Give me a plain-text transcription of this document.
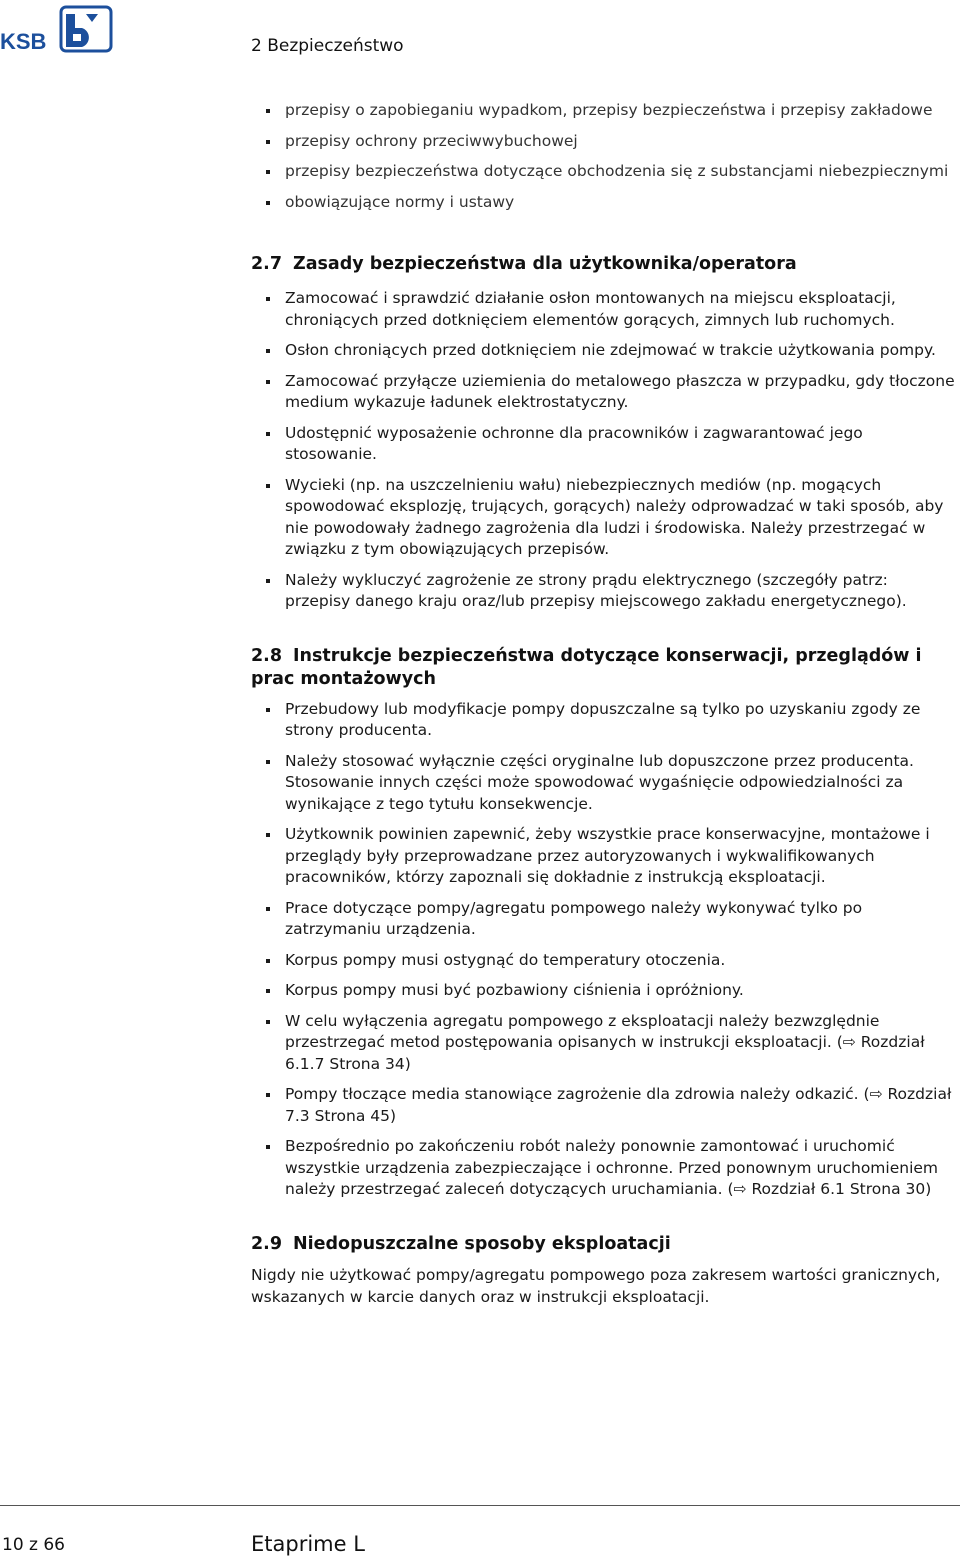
KSB	2 Bezpieczeństwo
przepisy o zapobieganiu wypadkom, przepisy bezpieczeństwa i przepisy zakładowe
przepisy ochrony przeciwwybuchowej
przepisy bezpieczeństwa dotyczące obchodzenia się z substancjami niebezpiecznymi
obowiązujące normy i ustawy
2.7 Zasady bezpieczeństwa dla użytkownika/operatora
Zamocować i sprawdzić działanie osłon montowanych na miejscu eksploatacji, chroniących przed dotknięciem elementów gorących, zimnych lub ruchomych.
Osłon chroniących przed dotknięciem nie zdejmować w trakcie użytkowania pompy.
Zamocować przyłącze uziemienia do metalowego płaszcza w przypadku, gdy tłoczone medium wykazuje ładunek elektrostatyczny.
Udostępnić wyposażenie ochronne dla pracowników i zagwarantować jego stosowanie.
Wycieki (np. na uszczelnieniu wału) niebezpiecznych mediów (np. mogących spowodować eksplozję, trujących, gorących) należy odprowadzać w taki sposób, aby nie powodowały żadnego zagrożenia dla ludzi i środowiska. Należy przestrzegać w związku z tym obowiązujących przepisów.
Należy wykluczyć zagrożenie ze strony prądu elektrycznego (szczegóły patrz: przepisy danego kraju oraz/lub przepisy miejscowego zakładu energetycznego).
2.8 Instrukcje bezpieczeństwa dotyczące konserwacji, przeglądów i prac montażowych
Przebudowy lub modyfikacje pompy dopuszczalne są tylko po uzyskaniu zgody ze strony producenta.
Należy stosować wyłącznie części oryginalne lub dopuszczone przez producenta. Stosowanie innych części może spowodować wygaśnięcie odpowiedzialności za wynikające z tego tytułu konsekwencje.
Użytkownik powinien zapewnić, żeby wszystkie prace konserwacyjne, montażowe i przeglądy były przeprowadzane przez autoryzowanych i wykwalifikowanych pracowników, którzy zapoznali się dokładnie z instrukcją eksploatacji.
Prace dotyczące pompy/agregatu pompowego należy wykonywać tylko po zatrzymaniu urządzenia.
Korpus pompy musi ostygnąć do temperatury otoczenia.
Korpus pompy musi być pozbawiony ciśnienia i opróżniony.
W celu wyłączenia agregatu pompowego z eksploatacji należy bezwzględnie przestrzegać metod postępowania opisanych w instrukcji eksploatacji. (⇨ Rozdział 6.1.7 Strona 34)
Pompy tłoczące media stanowiące zagrożenie dla zdrowia należy odkazić. (⇨ Rozdział 7.3 Strona 45)
Bezpośrednio po zakończeniu robót należy ponownie zamontować i uruchomić wszystkie urządzenia zabezpieczające i ochronne. Przed ponownym uruchomieniem należy przestrzegać zaleceń dotyczących uruchamiania. (⇨ Rozdział 6.1 Strona 30)
2.9 Niedopuszczalne sposoby eksploatacji

Nigdy nie użytkować pompy/agregatu pompowego poza zakresem wartości granicznych, wskazanych w karcie danych oraz w instrukcji eksploatacji.

10 z 66	Etaprime L
